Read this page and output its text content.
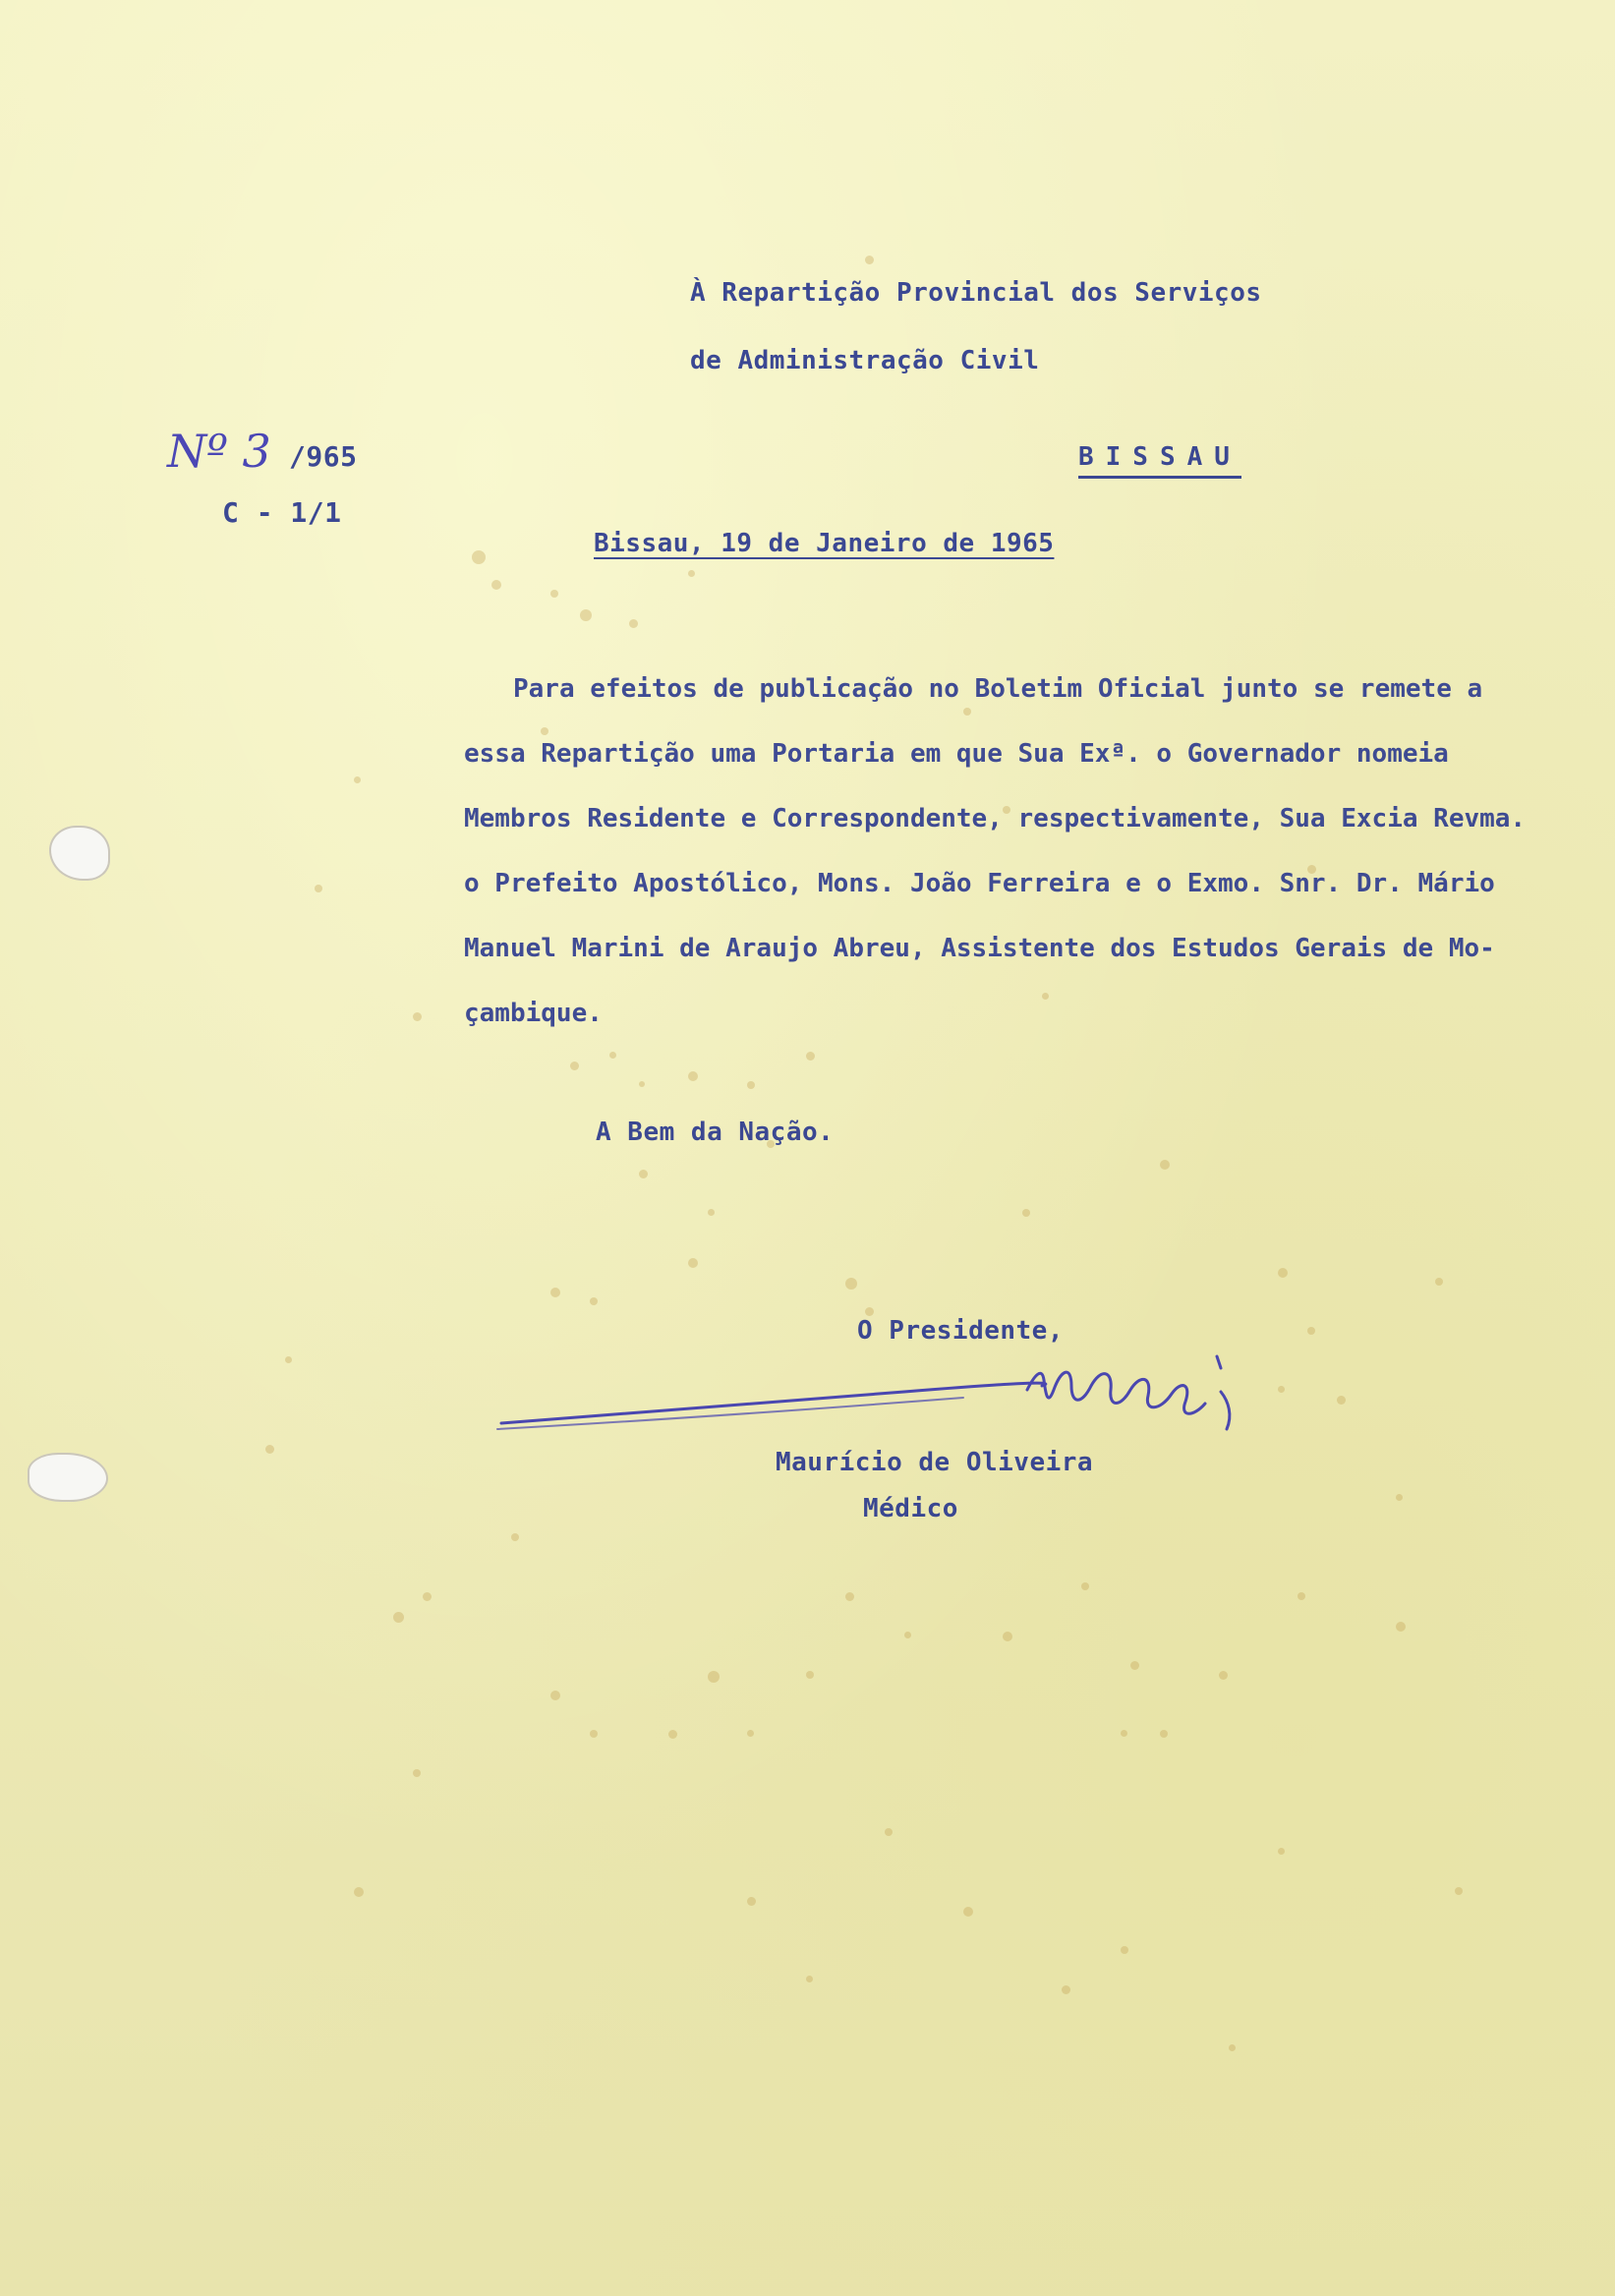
Nº 3 /965
C - 1/1
À Repartição Provincial dos Serviços
de Administração Civil
BISSAU
Bissau, 19 de Janeiro de 1965
Para efeitos de publicação no Boletim Oficial junto se remete a
essa Repartição uma Portaria em que Sua Exª. o Governador nomeia
Membros Residente e Correspondente, respectivamente, Sua Excia Revma.
o Prefeito Apostólico, Mons. João Ferreira e o Exmo. Snr. Dr. Mário
Manuel Marini de Araujo Abreu, Assistente dos Estudos Gerais de Mo-
çambique.
A Bem da Nação.
O Presidente,
Maurício de Oliveira
Médico
